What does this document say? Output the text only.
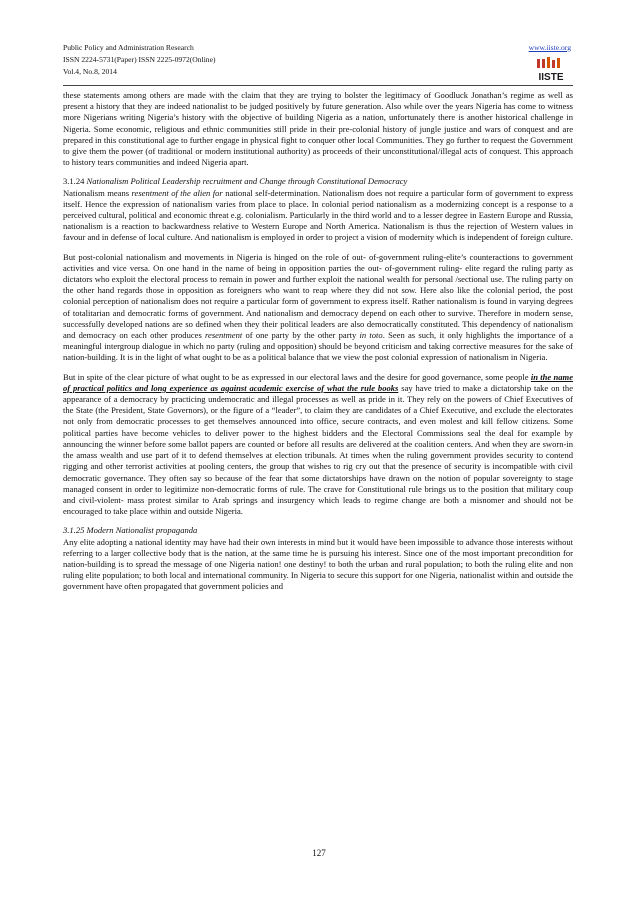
Public Policy and Administration Research
ISSN 2224-5731(Paper) ISSN 2225-0972(Online)
Vol.4, No.8, 2014
www.iiste.org
IISTE

these statements among others are made with the claim that they are trying to bolster the legitimacy of Goodluck Jonathan’s regime as well as present a history that they are indeed nationalist to be judged positively by future generation. Also while over the years Nigeria has come to witness more Nigerians writing Nigeria’s history with the objective of building Nigeria as a nation, unfortunately there is another historical challenge in Nigeria. Some economic, religious and ethnic communities still pride in their pre-colonial history of jungle justice and wars of conquest and are prepared in this constitutional age to further engage in physical fight to conquer other local Communities. They go further to request the Government to give them the power (of traditional or modern institutional authority) as proceeds of their unconstitutional/illegal acts of conquest. This approach to history tears communities and indeed Nigeria apart.

3.1.24 Nationalism Political Leadership recruitment and Change through Constitutional Democracy
Nationalism means resentment of the alien for national self-determination. Nationalism does not require a particular form of government to express itself. Hence the expression of nationalism varies from place to place. In colonial period nationalism as a modernizing concept is a response to a perceived cultural, political and economic threat e.g. colonialism. Particularly in the third world and to a lesser degree in Eastern Europe and Russia, nationalism is a reaction to backwardness relative to Western Europe and North America. Nationalism is thus the rejection of Western values in favour and in defense of local culture. And nationalism is employed in order to project a vision of modernity which is independent of foreign culture.

But post-colonial nationalism and movements in Nigeria is hinged on the role of out- of-government ruling-elite’s counteractions to government activities and vice versa. On one hand in the name of being in opposition parties the out- of-government ruling- elite regard the ruling party as dictators who exploit the electoral process to remain in power and further exploit the national wealth for personal /sectional use. The ruling party on the other hand regards those in opposition as foreigners who want to reap where they did not sow. Here also like the colonial period, the post colonial perception of nationalism does not require a particular form of government to express itself. Rather nationalism is found in varying degrees of totalitarian and democratic forms of government. And nationalism and democracy depend on each other to survive. Therefore in modern sense, successfully developed nations are so defined when they their political leaders are also democratically constituted. This dependency of nationalism and democracy on each other produces resentment of one party by the other party in toto. Seen as such, it only highlights the importance of a meaningful intergroup dialogue in which no party (ruling and opposition) should be beyond criticism and taking corrective measures for the sake of nation-building. It is in the light of what ought to be as a political balance that we view the post colonial expression of nationalism in Nigeria.

But in spite of the clear picture of what ought to be as expressed in our electoral laws and the desire for good governance, some people in the name of practical politics and long experience as against academic exercise of what the rule books say have tried to make a dictatorship take on the appearance of a democracy by practicing undemocratic and illegal processes as well as pride in it. They rely on the powers of Chief Executives of the State (the President, State Governors), or the figure of a “leader”, to claim they are candidates of a Chief Executive, and exclude the electorates not only from democratic processes to get themselves announced into office, secure contracts, and even molest and kill fellow citizens. Some political parties have become vehicles to deliver power to the highest bidders and the Electoral Commissions seal the deal for example by announcing the winner before some ballot papers are counted or before all results are delivered at the coalition centers. And when they are sworn-in the amass wealth and use part of it to defend themselves at election tribunals. At times when the ruling government provides security to contend rigging and other terrorist activities at pooling centers, the group that wishes to rig cry out that the presence of security is incompatible with civil democratic governance. They often say so because of the fear that some dictatorships have drawn on the notion of popular sovereignty to stage managed consent in order to legitimize non-democratic forms of rule. The crave for Constitutional rule brings us to the position that military coup and civil-violent- mass protest similar to Arab springs and insurgency which leads to regime change are both a misnomer and should not be encouraged to take place within and outside Nigeria.

3.1.25 Modern Nationalist propaganda
Any elite adopting a national identity may have had their own interests in mind but it would have been impossible to advance those interests without referring to a larger collective body that is the nation, at the same time he is pursuing his interest. Since one of the most important precondition for nation-building is to spread the message of one Nigeria nation! one destiny! to both the urban and rural population; to both the ruling elite and non ruling elite population; to both local and international community. In Nigeria to secure this support for one Nigeria, nationalist within and outside the government have often propagated that government policies and

127
